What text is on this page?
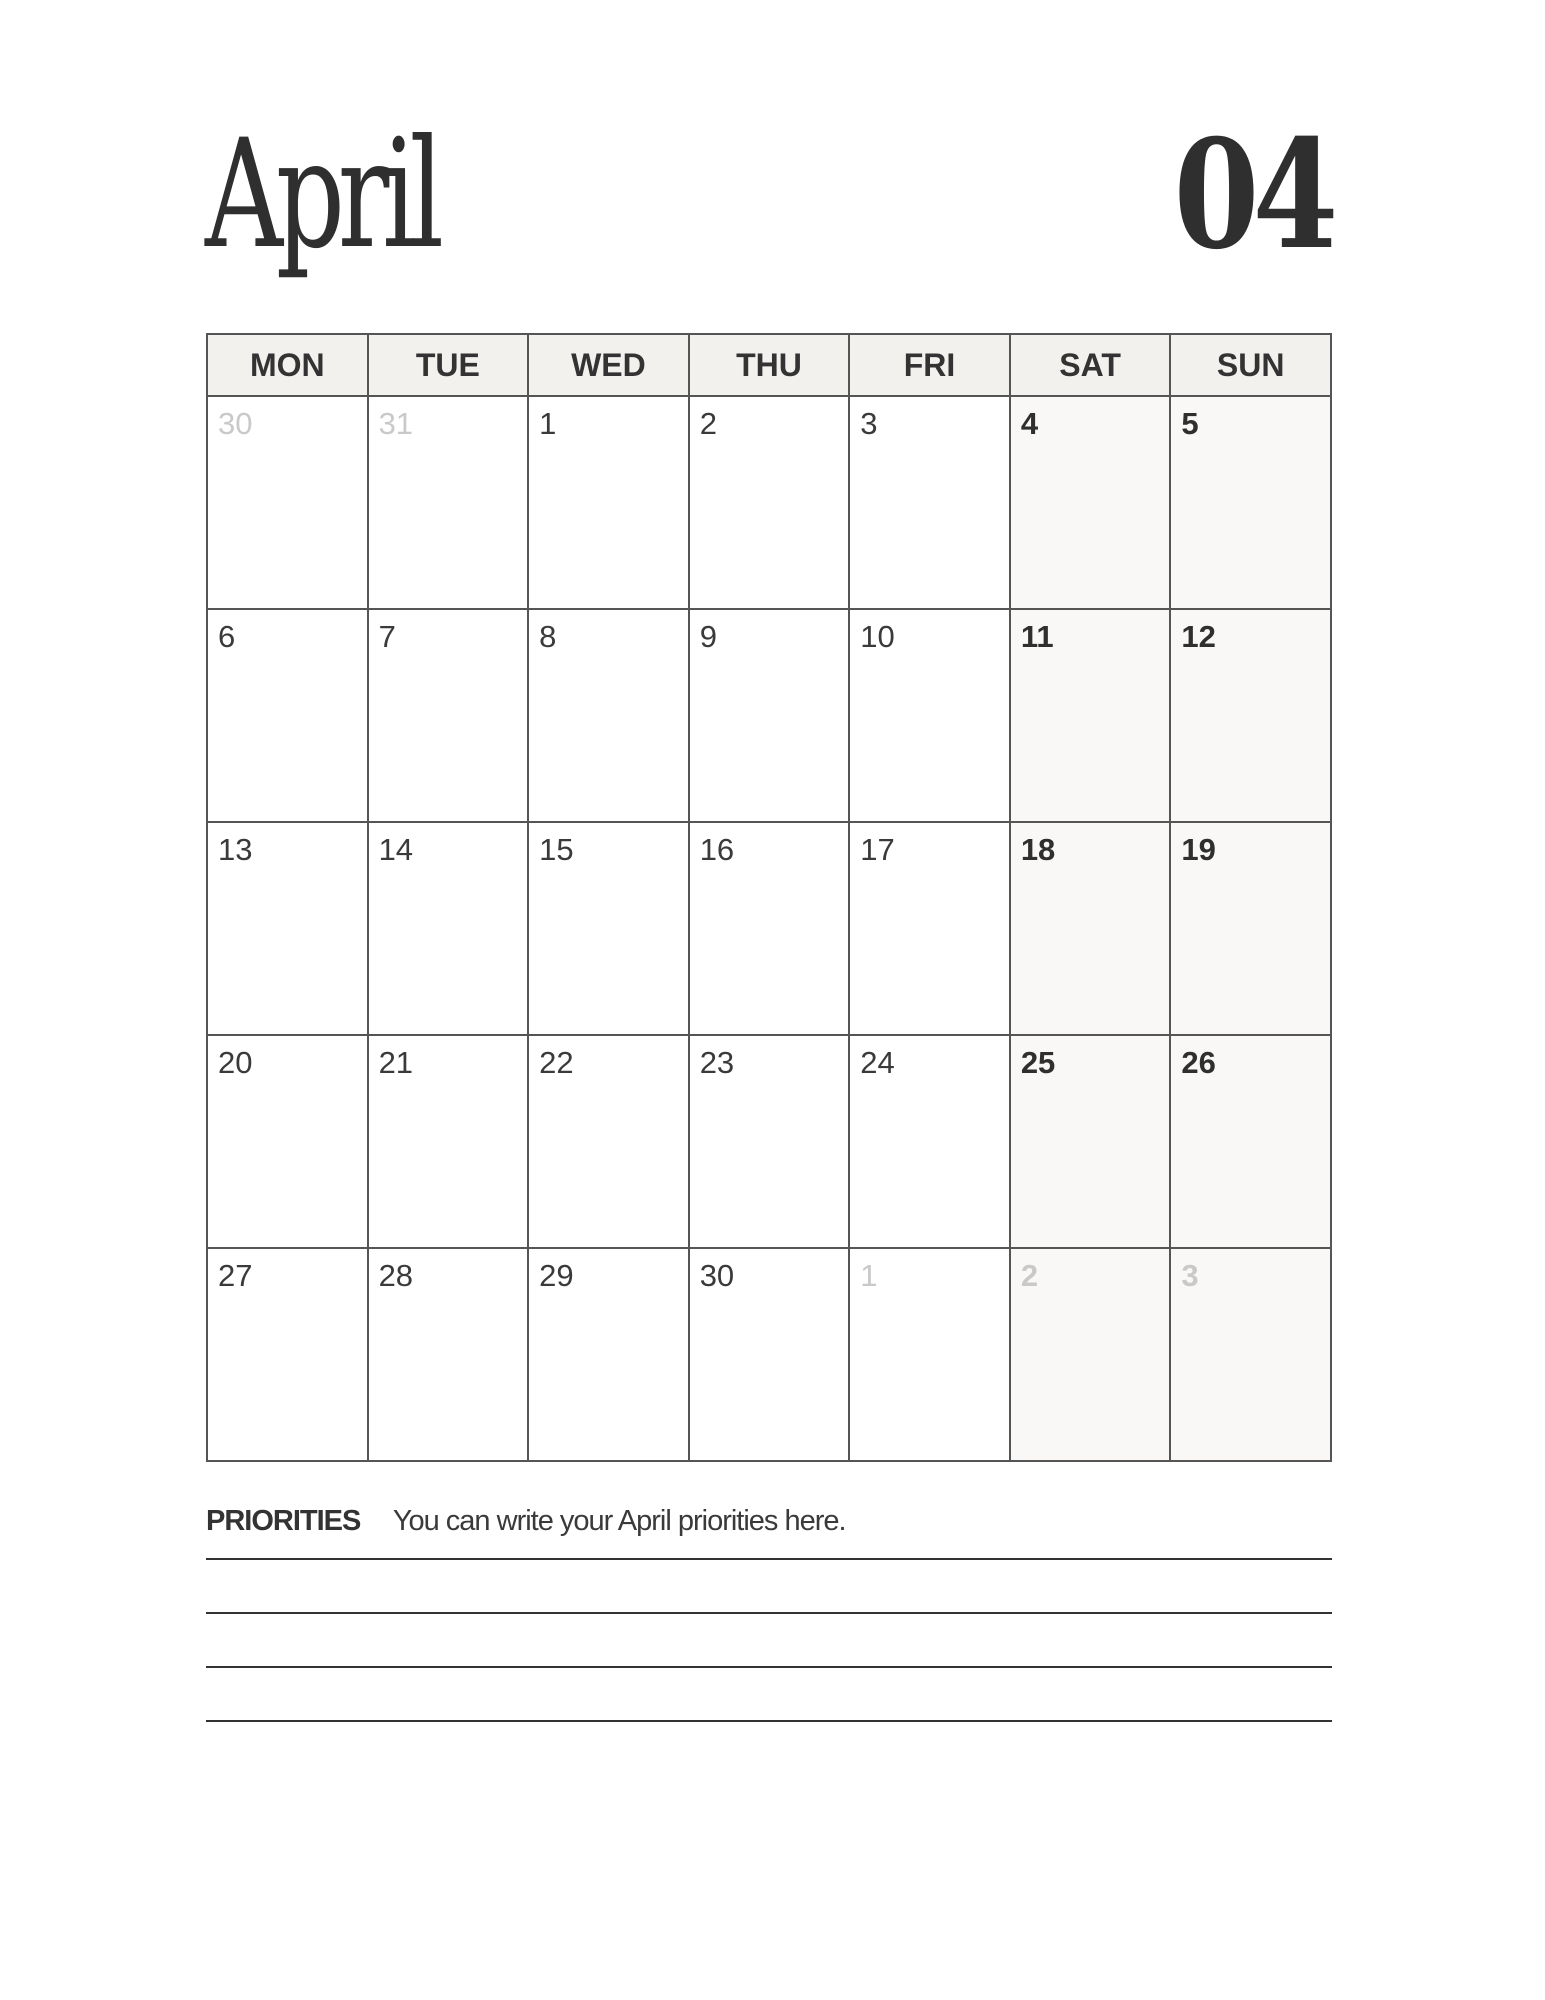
April	04
MON	TUE	WED	THU	FRI	SAT	SUN

30	31	1	2	3	4	5

6	7	8	9	10	11	12

13	14	15	16	17	18	19

20	21	22	23	24	25	26

27	28	29	30	1	2	3
PRIORITIES You can write your April priorities here.
